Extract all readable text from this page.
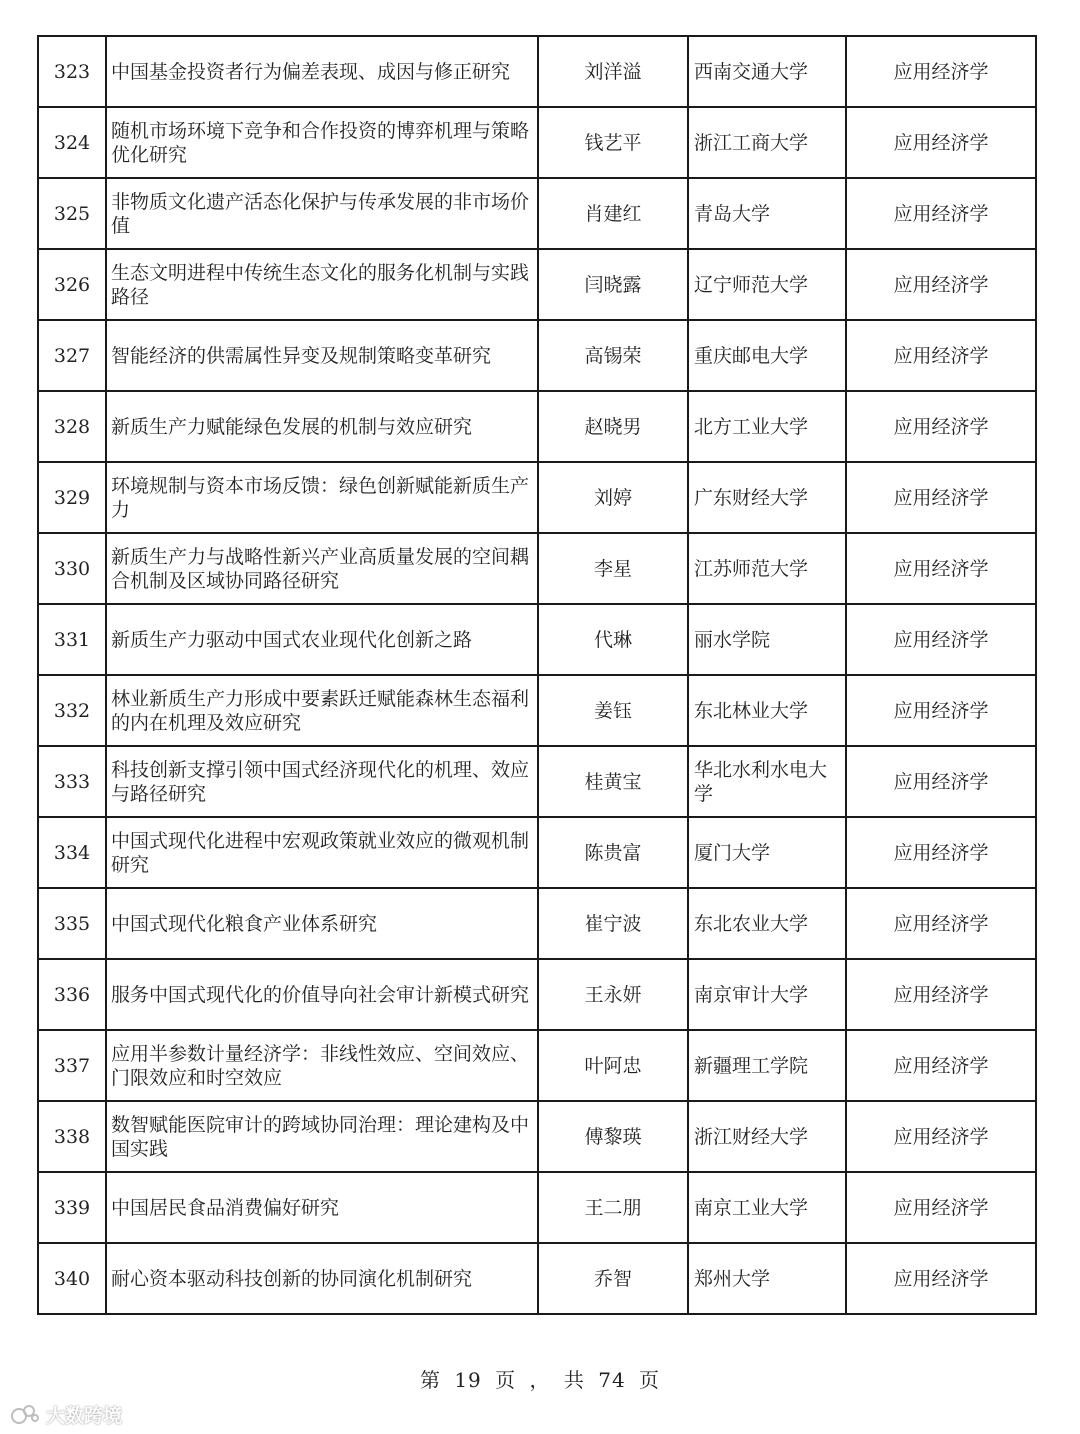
323	中国基金投资者行为偏差表现、成因与修正研究	刘洋溢	西南交通大学	应用经济学
324	随机市场环境下竞争和合作投资的博弈机理与策略优化研究	钱艺平	浙江工商大学	应用经济学
325	非物质文化遗产活态化保护与传承发展的非市场价值	肖建红	青岛大学	应用经济学
326	生态文明进程中传统生态文化的服务化机制与实践路径	闫晓露	辽宁师范大学	应用经济学
327	智能经济的供需属性异变及规制策略变革研究	高锡荣	重庆邮电大学	应用经济学
328	新质生产力赋能绿色发展的机制与效应研究	赵晓男	北方工业大学	应用经济学
329	环境规制与资本市场反馈：绿色创新赋能新质生产力	刘婷	广东财经大学	应用经济学
330	新质生产力与战略性新兴产业高质量发展的空间耦合机制及区域协同路径研究	李星	江苏师范大学	应用经济学
331	新质生产力驱动中国式农业现代化创新之路	代琳	丽水学院	应用经济学
332	林业新质生产力形成中要素跃迁赋能森林生态福利的内在机理及效应研究	姜钰	东北林业大学	应用经济学
333	科技创新支撑引领中国式经济现代化的机理、效应与路径研究	桂黄宝	华北水利水电大学	应用经济学
334	中国式现代化进程中宏观政策就业效应的微观机制研究	陈贵富	厦门大学	应用经济学
335	中国式现代化粮食产业体系研究	崔宁波	东北农业大学	应用经济学
336	服务中国式现代化的价值导向社会审计新模式研究	王永妍	南京审计大学	应用经济学
337	应用半参数计量经济学：非线性效应、空间效应、门限效应和时空效应	叶阿忠	新疆理工学院	应用经济学
338	数智赋能医院审计的跨域协同治理：理论建构及中国实践	傅黎瑛	浙江财经大学	应用经济学
339	中国居民食品消费偏好研究	王二朋	南京工业大学	应用经济学
340	耐心资本驱动科技创新的协同演化机制研究	乔智	郑州大学	应用经济学
第 19 页 ， 共 74 页
大数跨境
